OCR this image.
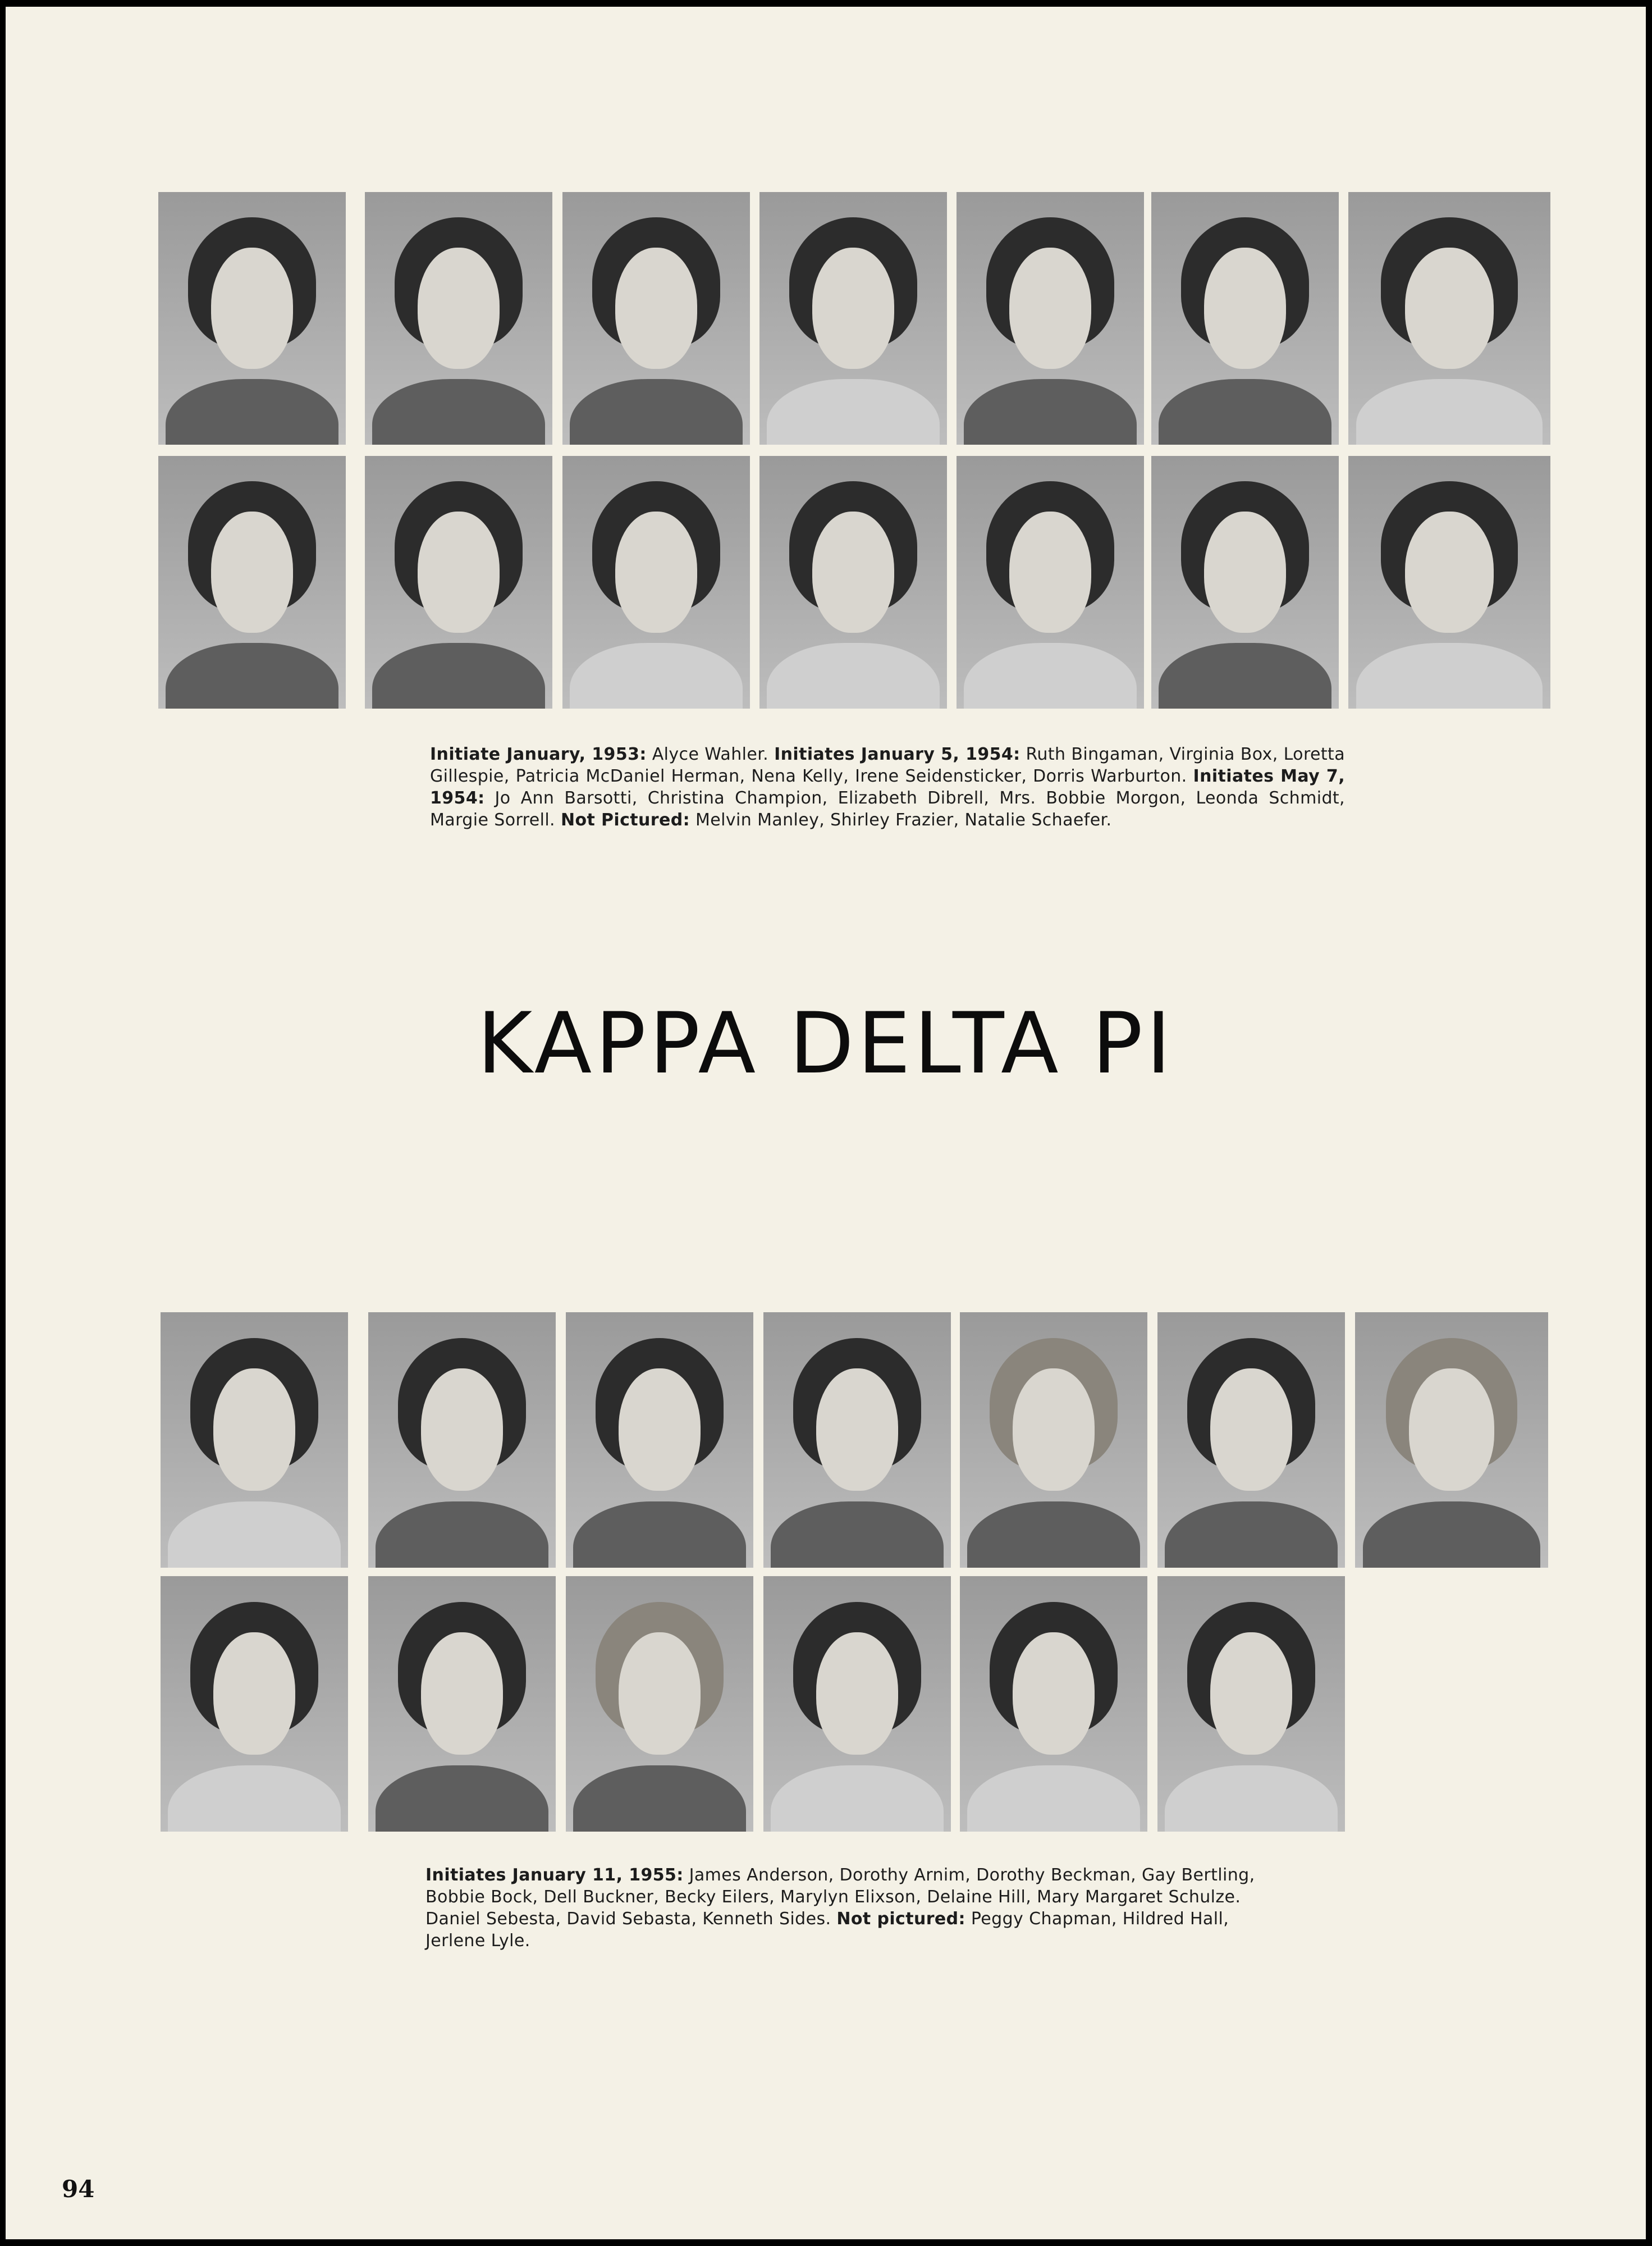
Initiate January, 1953: Alyce Wahler. Initiates January 5, 1954: Ruth Bingaman, Virginia Box, Loretta Gillespie, Patricia McDaniel Herman, Nena Kelly, Irene Seidensticker, Dorris Warburton. Initiates May 7, 1954: Jo Ann Barsotti, Christina Champion, Elizabeth Dibrell, Mrs. Bobbie Morgon, Leonda Schmidt, Margie Sorrell. Not Pictured: Melvin Manley, Shirley Frazier, Natalie Schaefer.
KAPPA DELTA PI
Initiates January 11, 1955: James Anderson, Dorothy Arnim, Dorothy Beckman, Gay Bertling, Bobbie Bock, Dell Buckner, Becky Eilers, Marylyn Elixson, Delaine Hill, Mary Margaret Schulze. Daniel Sebesta, David Sebasta, Kenneth Sides. Not pictured: Peggy Chapman, Hildred Hall, Jerlene Lyle.
94
